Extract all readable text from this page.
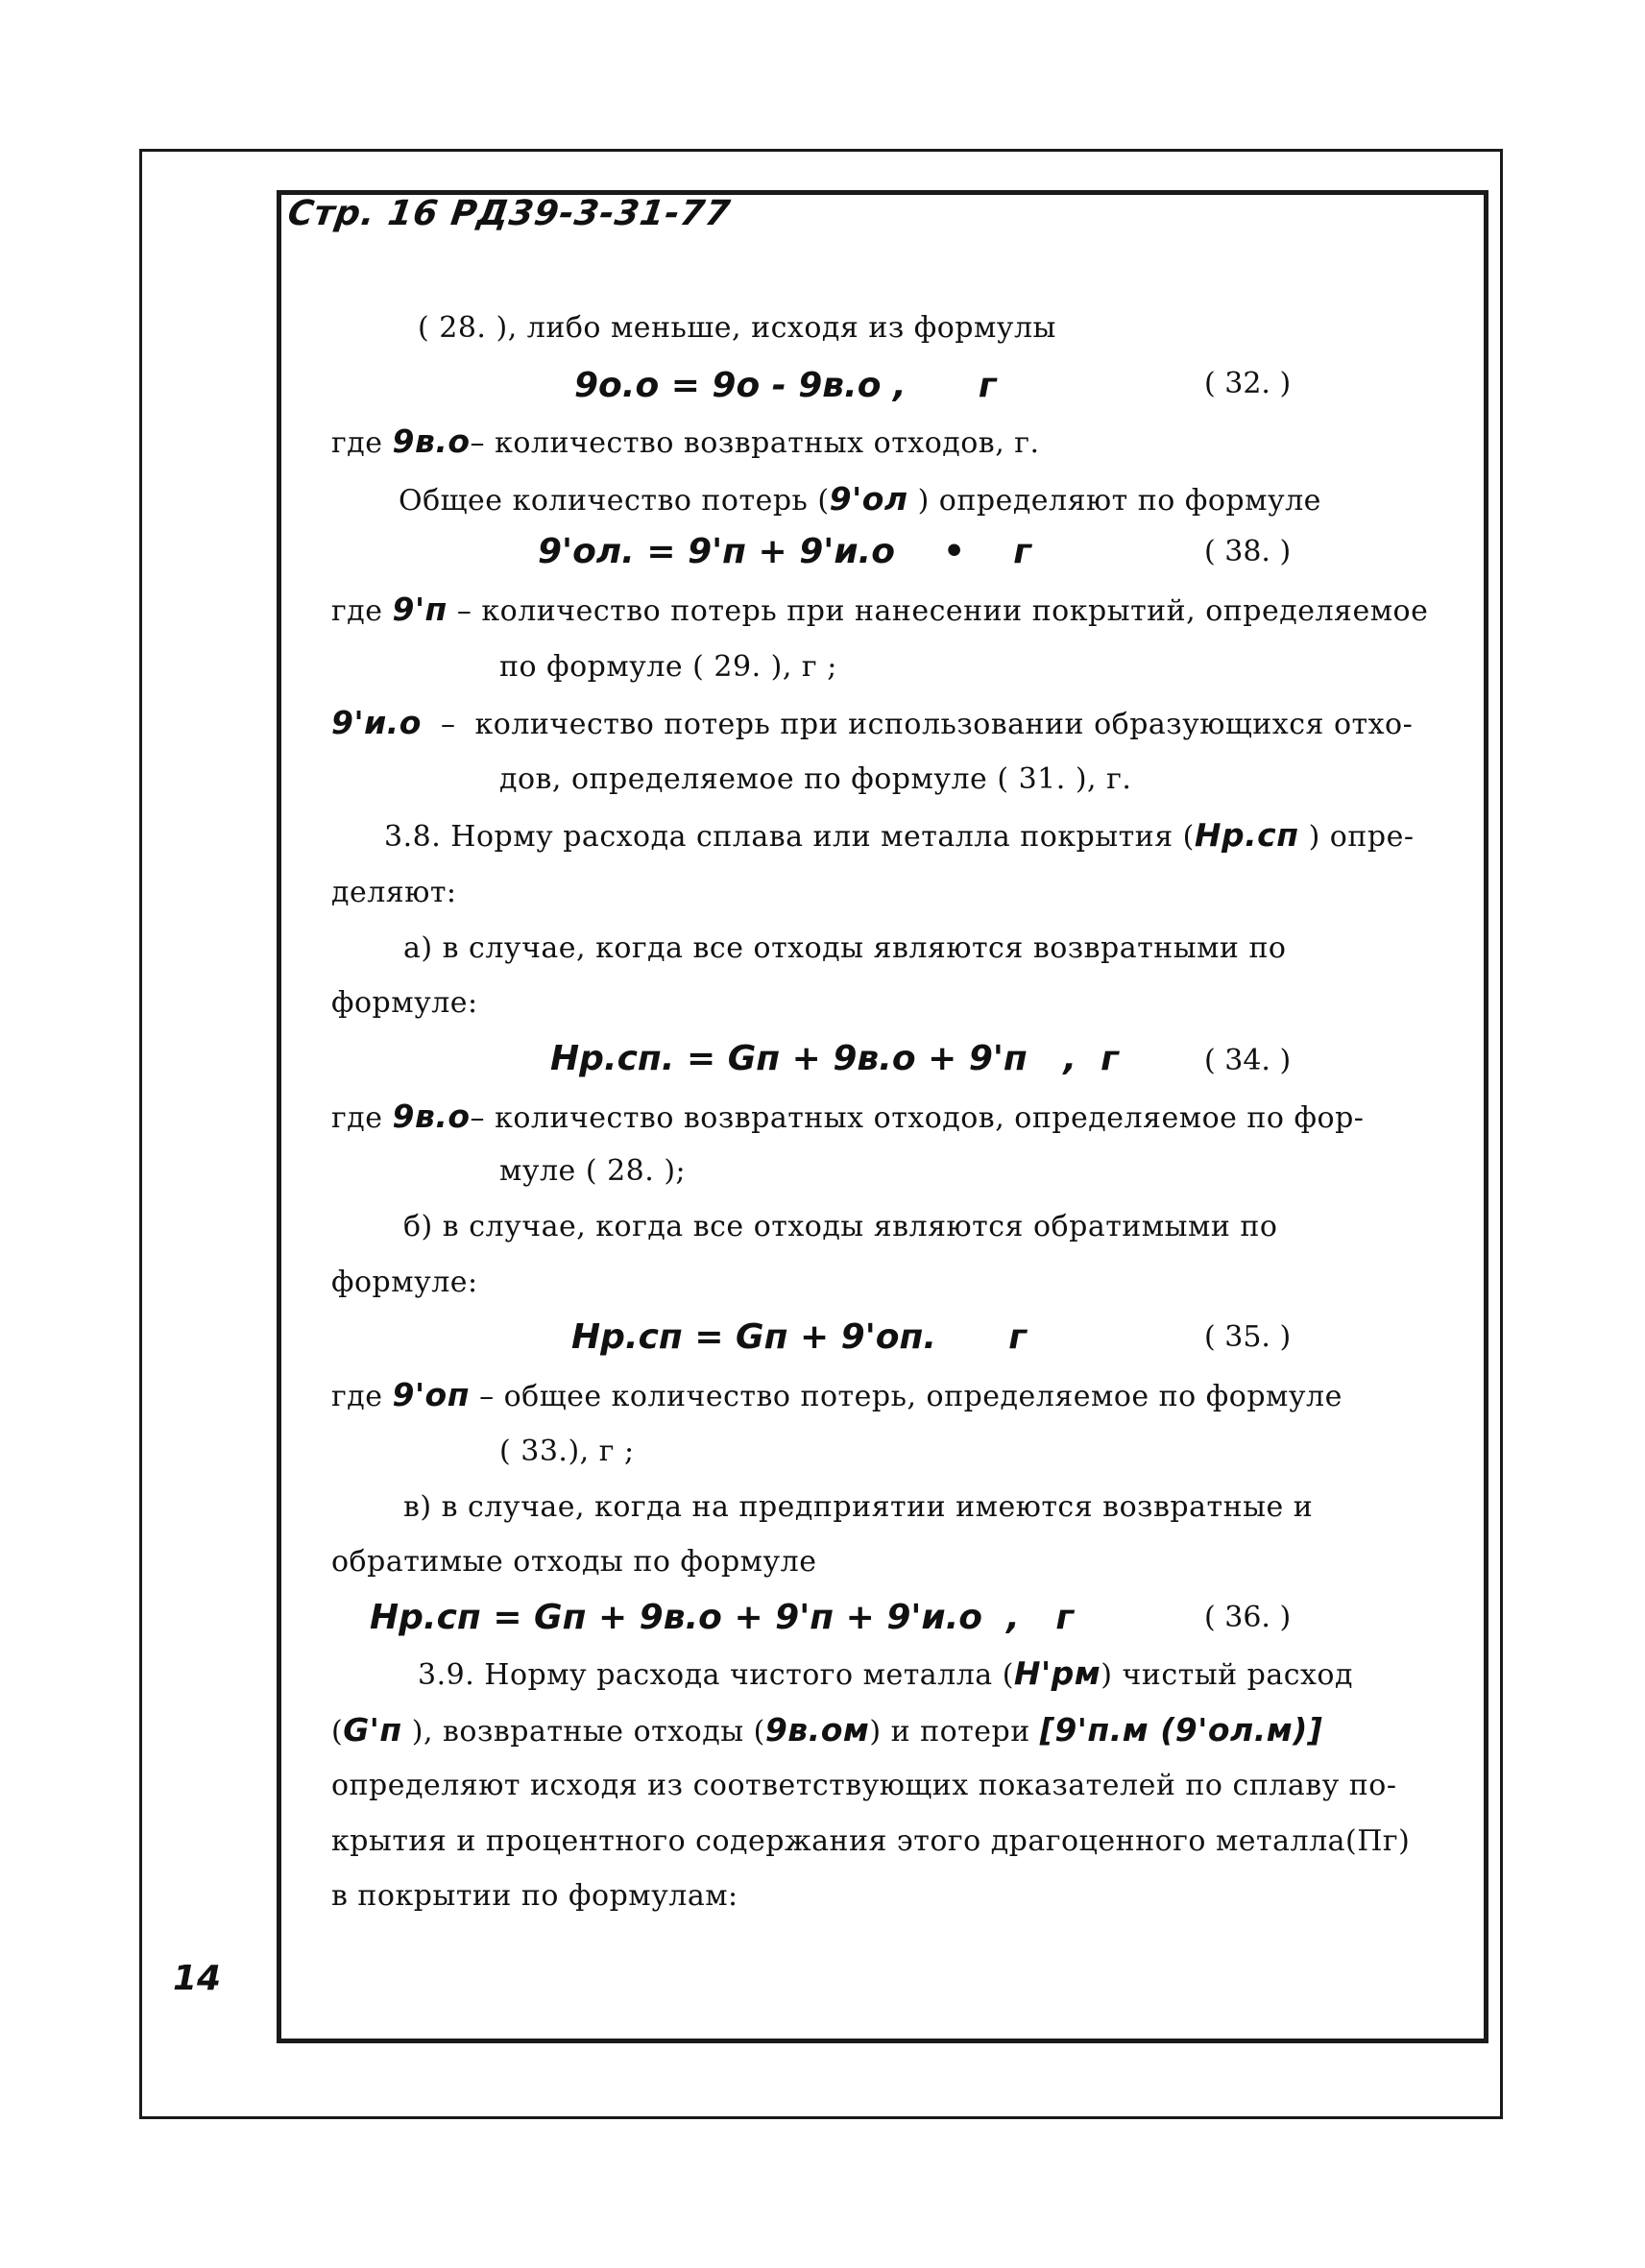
Стр. 16 РД39-3-31-77
( 28. ), либо меньше, исходя из формулы
9o.o = 9o - 9в.o ,      г	( 32. )
где 9в.o– количество возвратных отходов, г.
Общее количество потерь (9'ол ) определяют по формуле
9'ол. = 9'п + 9'и.о    •    г	( 38. )
где 9'п – количество потерь при нанесении покрытий, определяемое
по формуле ( 29. ), г ;
9'и.о  –  количество потерь при использовании образующихся отхо-
дов, определяемое по формуле ( 31. ), г.
3.8. Норму расхода сплава или металла покрытия (Нр.сп ) опре-
деляют:
а) в случае, когда все отходы являются возвратными по
формуле:
Нр.сп. = Gп + 9в.о + 9'п   ,  г	( 34. )
где 9в.о– количество возвратных отходов, определяемое по фор-
муле ( 28. );
б) в случае, когда все отходы являются обратимыми по
формуле:
Нр.сп = Gп + 9'оп.      г	( 35. )
где 9'оп – общее количество потерь, определяемое по формуле
( 33.), г ;
в) в случае, когда на предприятии имеются возвратные и
обратимые отходы по формуле
Нр.сп = Gп + 9в.о + 9'п + 9'и.о  ,   г	( 36. )
3.9. Норму расхода чистого металла (Н'рм) чистый расход
(G'п ), возвратные отходы (9в.ом) и потери [9'п.м (9'ол.м)]
определяют исходя из соответствующих показателей по сплаву по-
крытия и процентного содержания этого драгоценного металла(Пг)
в покрытии по формулам:
14
